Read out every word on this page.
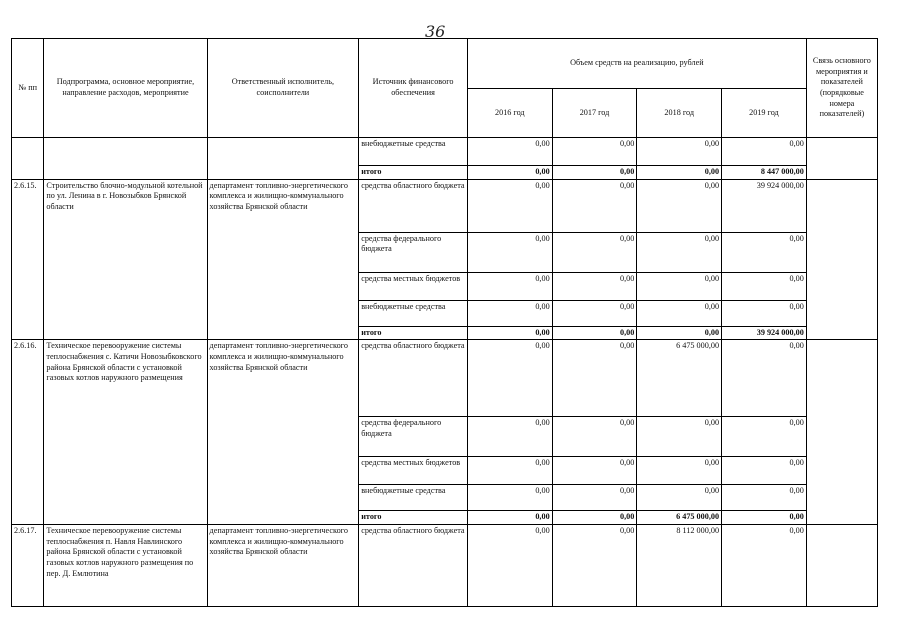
36
№ пп	Подпрограмма, основное мероприятие, направление расходов, мероприятие	Ответственный исполнитель, соисполнители	Источник финансового обеспечения	Объем средств на реализацию, рублей				Связь основного мероприятия и показателей (порядковые номера показателей)
				2016 год	2017 год	2018 год	2019 год	
			внебюджетные средства	0,00	0,00	0,00	0,00	
			итого	0,00	0,00	0,00	8 447 000,00	
2.6.15.	Строительство блочно-модульной котельной по ул. Ленина в г. Новозыбков Брянской области	департамент топливно-энергетического комплекса и жилищно-коммунального хозяйства Брянской области	средства областного бюджета	0,00	0,00	0,00	39 924 000,00	
			средства федерального бюджета	0,00	0,00	0,00	0,00	
			средства местных бюджетов	0,00	0,00	0,00	0,00	
			внебюджетные средства	0,00	0,00	0,00	0,00	
			итого	0,00	0,00	0,00	39 924 000,00	
2.6.16.	Техническое перевооружение системы теплоснабжения с. Катичи Новозыбковского района Брянской области с установкой газовых котлов наружного размещения	департамент топливно-энергетического комплекса и жилищно-коммунального хозяйства Брянской области	средства областного бюджета	0,00	0,00	6 475 000,00	0,00	
			средства федерального бюджета	0,00	0,00	0,00	0,00	
			средства местных бюджетов	0,00	0,00	0,00	0,00	
			внебюджетные средства	0,00	0,00	0,00	0,00	
			итого	0,00	0,00	6 475 000,00	0,00	
2.6.17.	Техническое перевооружение системы теплоснабжения п. Навля Навлинского района Брянской области с установкой газовых котлов наружного размещения по пер. Д. Емлютина	департамент топливно-энергетического комплекса и жилищно-коммунального хозяйства Брянской области	средства областного бюджета	0,00	0,00	8 112 000,00	0,00	
